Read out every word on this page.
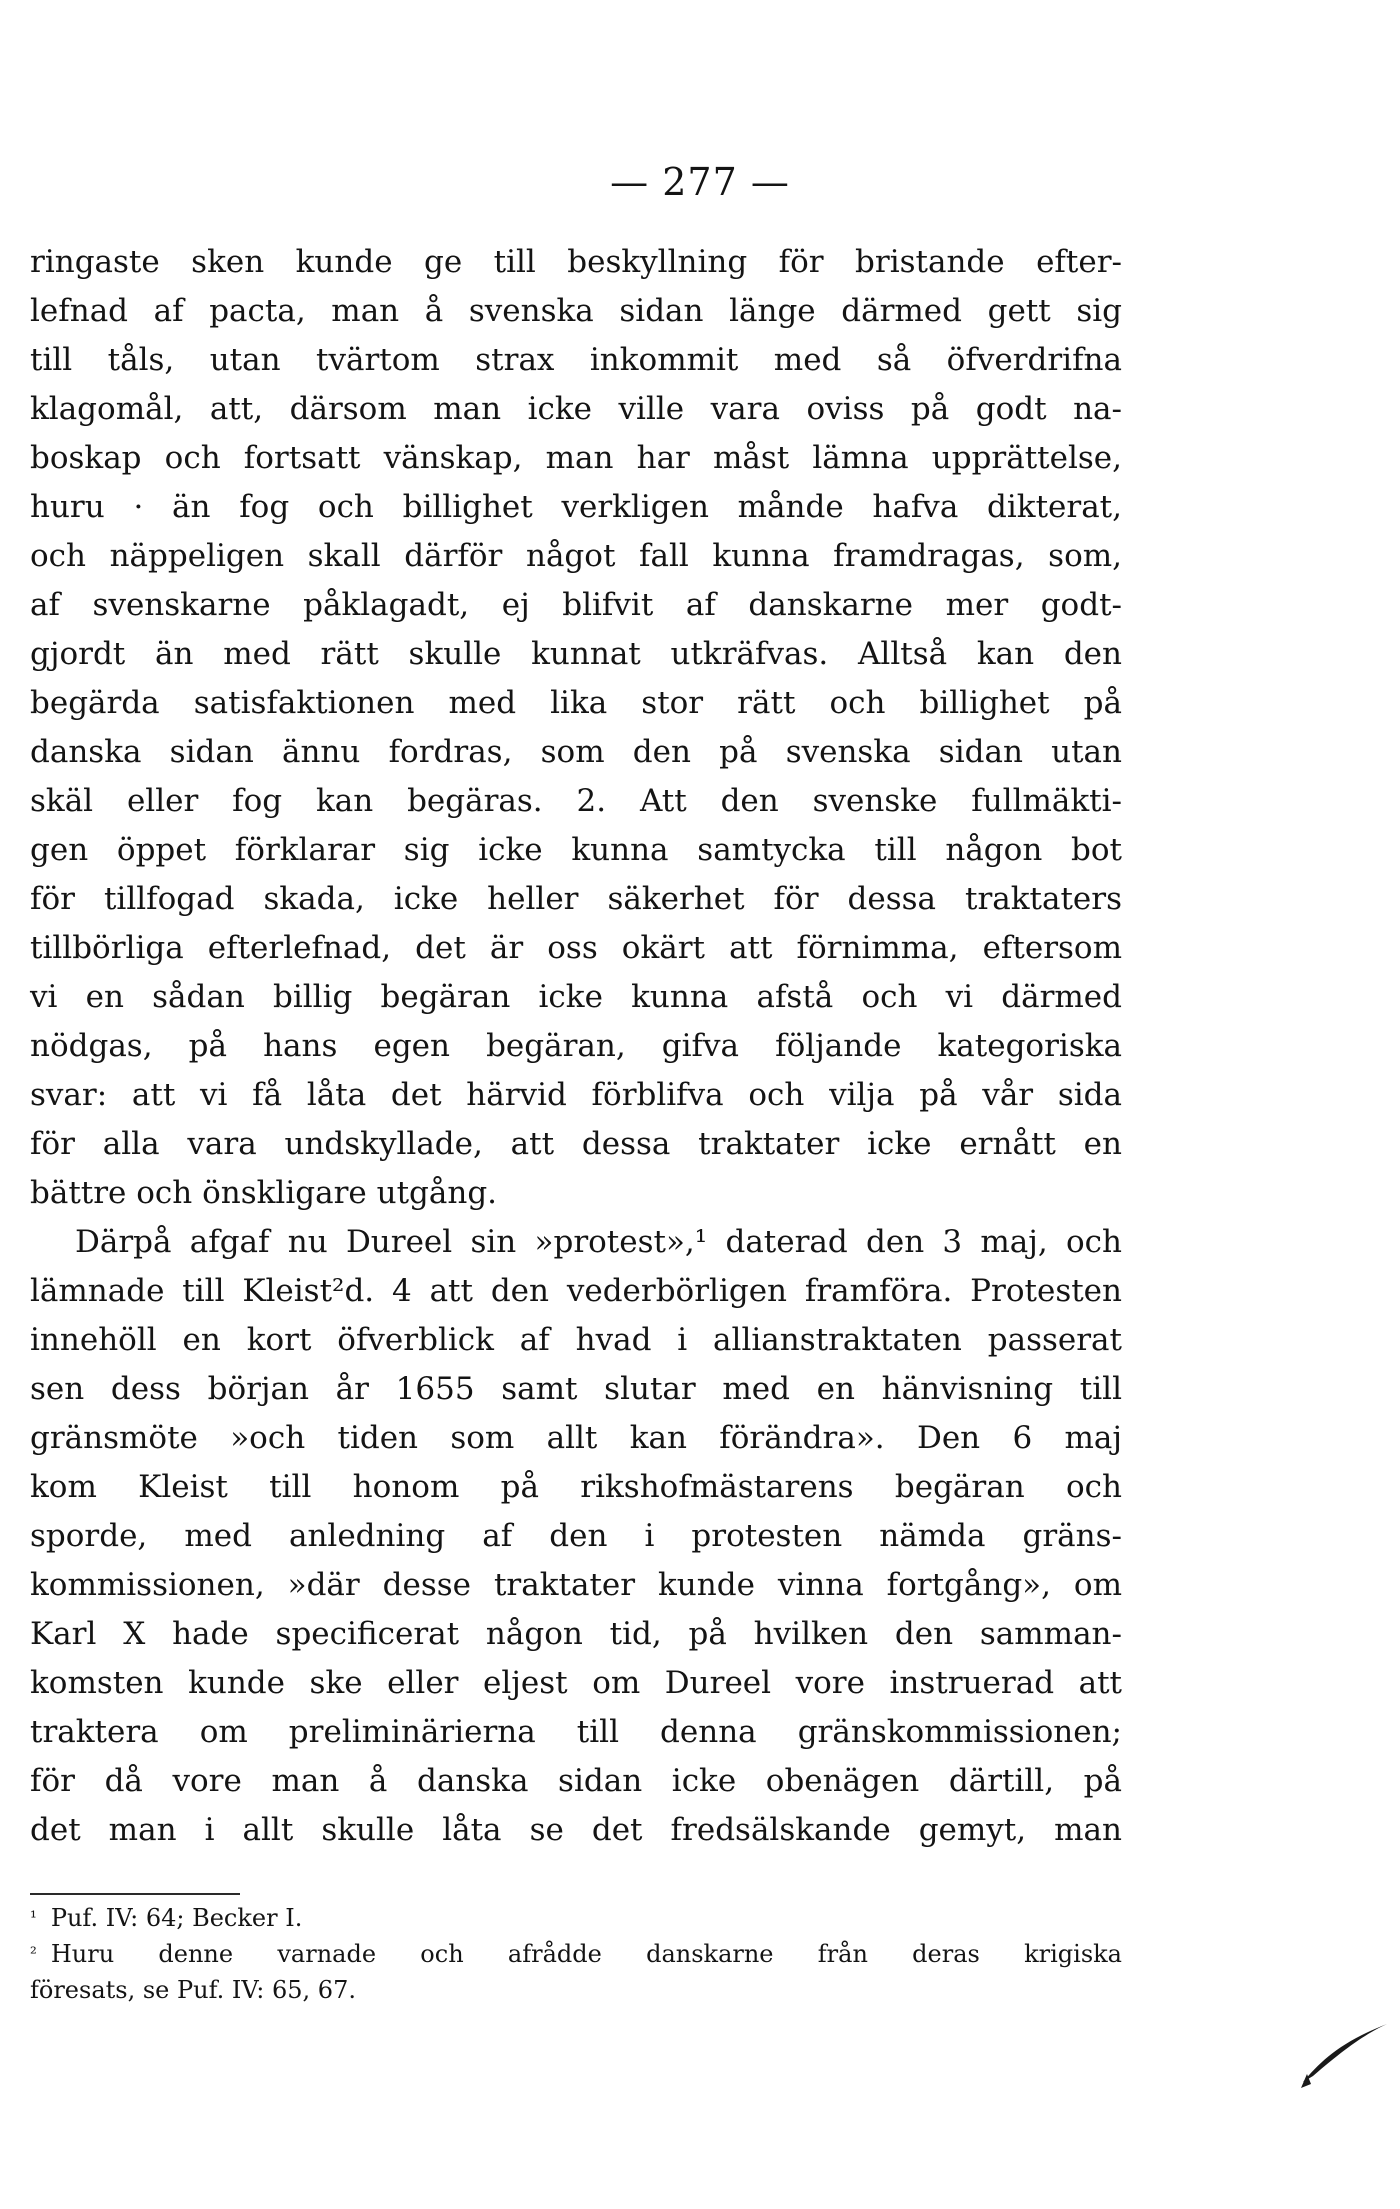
— 277 —
ringaste sken kunde ge till beskyllning för bristande efter-
lefnad af pacta, man å svenska sidan länge därmed gett sig
till tåls, utan tvärtom strax inkommit med så öfverdrifna
klagomål, att, därsom man icke ville vara oviss på godt na-
boskap och fortsatt vänskap, man har måst lämna upprättelse,
huru · än fog och billighet verkligen månde hafva dikterat,
och näppeligen skall därför något fall kunna framdragas, som,
af svenskarne påklagadt, ej blifvit af danskarne mer godt-
gjordt än med rätt skulle kunnat utkräfvas. Alltså kan den
begärda satisfaktionen med lika stor rätt och billighet på
danska sidan ännu fordras, som den på svenska sidan utan
skäl eller fog kan begäras. 2. Att den svenske fullmäkti-
gen öppet förklarar sig icke kunna samtycka till någon bot
för tillfogad skada, icke heller säkerhet för dessa traktaters
tillbörliga efterlefnad, det är oss okärt att förnimma, eftersom
vi en sådan billig begäran icke kunna afstå och vi därmed
nödgas, på hans egen begäran, gifva följande kategoriska
svar: att vi få låta det härvid förblifva och vilja på vår sida
för alla vara undskyllade, att dessa traktater icke ernått en
bättre och önskligare utgång.
Därpå afgaf nu Dureel sin »protest»,¹ daterad den 3 maj, och
lämnade till Kleist²d. 4 att den vederbörligen framföra. Protesten
innehöll en kort öfverblick af hvad i allianstraktaten passerat
sen dess början år 1655 samt slutar med en hänvisning till
gränsmöte »och tiden som allt kan förändra». Den 6 maj
kom Kleist till honom på rikshofmästarens begäran och
sporde, med anledning af den i protesten nämda gräns-
kommissionen, »där desse traktater kunde vinna fortgång», om
Karl X hade specificerat någon tid, på hvilken den samman-
komsten kunde ske eller eljest om Dureel vore instruerad att
traktera om preliminärierna till denna gränskommissionen;
för då vore man å danska sidan icke obenägen därtill, på
det man i allt skulle låta se det fredsälskande gemyt, man
$^{^1}$ Puf. IV: 64; Becker I.
$^{^2}$ Huru denne varnade och afrådde danskarne från deras krigiska
föresats, se Puf. IV: 65, 67.
